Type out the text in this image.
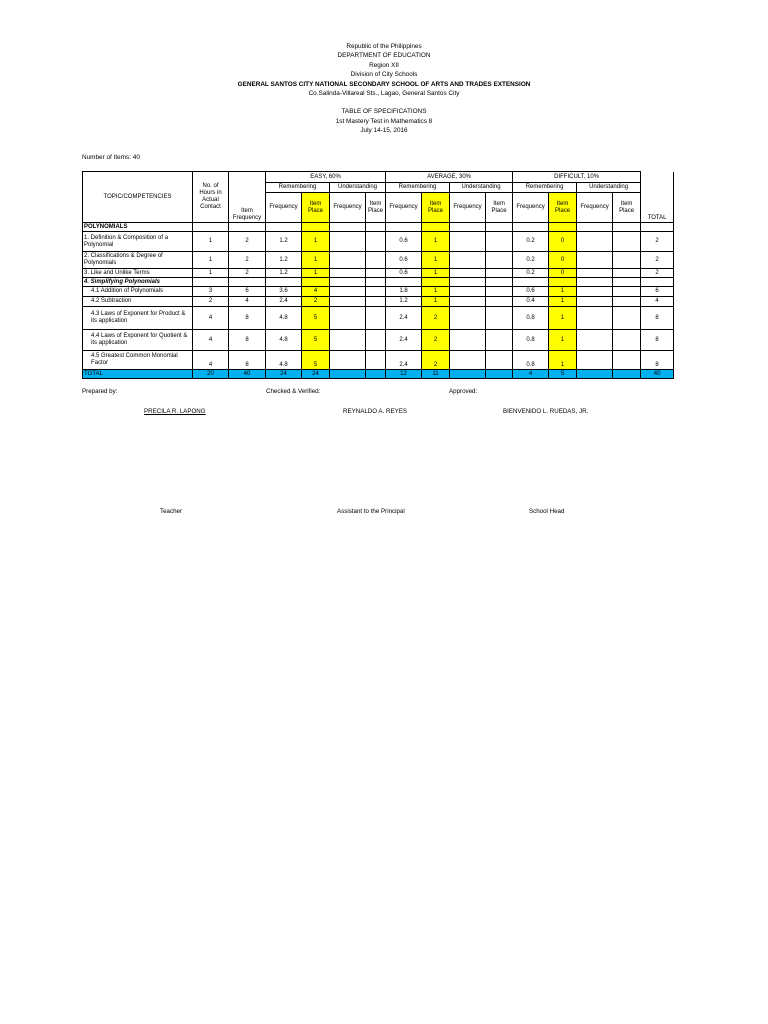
Republic of the Philippines
DEPARTMENT OF EDUCATION
Region XII
Division of City Schools
GENERAL SANTOS CITY NATIONAL SECONDARY SCHOOL OF ARTS AND TRADES EXTENSION
Co.Salinda-Villareal Sts., Lagao, General Santos City
TABLE OF SPECIFICATIONS
1st Mastery Test in Mathematics 8
July 14-15, 2016
Number of Items: 40
TOPIC/COMPETENCIES	No. of Hours in Actual Contact	Item Frequency	EASY, 60%				AVERAGE, 30%				DIFFICULT, 10%				TOTAL
			Remembering		Understanding		Remembering		Understanding		Remembering		Understanding		
			Frequency	Item Place	Frequency	Item Place	Frequency	Item Place	Frequency	Item Place	Frequency	Item Place	Frequency	Item Place	
POLYNOMIALS															
1. Definition & Composition of a Polynomial	1	2	1.2	1			0.6	1			0.2	0			2
2. Classifications & Degree of Polynomials	1	2	1.2	1			0.6	1			0.2	0			2
3. Like and Unlike Terms	1	2	1.2	1			0.6	1			0.2	0			2
4. Simplifying Polynomials															
4.1 Addition of Polynomials	3	6	3.6	4			1.8	1			0.6	1			6
4.2 Subtraction	2	4	2.4	2			1.2	1			0.4	1			4
4.3 Laws of Exponent for Product & its application	4	8	4.8	5			2.4	2			0.8	1			8
4.4 Laws of Exponent for Quotient & its application	4	8	4.8	5			2.4	2			0.8	1			8
4.5 Greatest Common Monomial Factor	4	8	4.8	5			2.4	2			0.8	1			8
TOTAL	20	40	24	24			12	11			4	5			40
Prepared by:	Checked & Verified:	Approved:
PRECILA R. LAPONG	REYNALDO A. REYES	BIENVENIDO L. RUEDAS, JR.
Teacher	Assistant to the Principal	School Head
